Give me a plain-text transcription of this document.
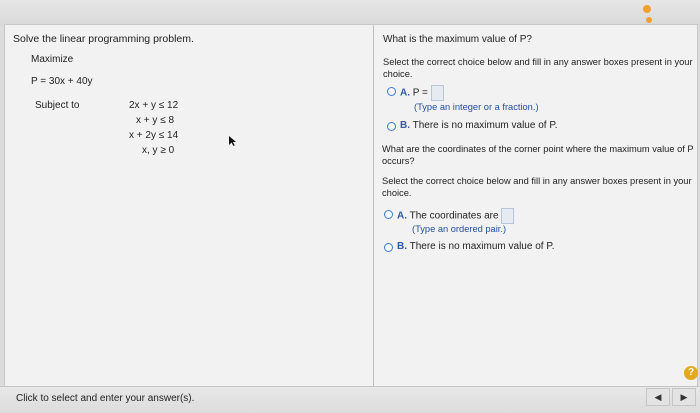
Solve the linear programming problem.
Maximize
P = 30x + 40y
Subject to	2x + y ≤ 12
x + y ≤ 8
x + 2y ≤ 14
x, y ≥ 0
What is the maximum value of P?
Select the correct choice below and fill in any answer boxes present in your
choice.
A. P =
(Type an integer or a fraction.)
B. There is no maximum value of P.
What are the coordinates of the corner point where the maximum value of P
occurs?
Select the correct choice below and fill in any answer boxes present in your
choice.
A. The coordinates are
(Type an ordered pair.)
B. There is no maximum value of P.
?
Click to select and enter your answer(s).	◀	▶
